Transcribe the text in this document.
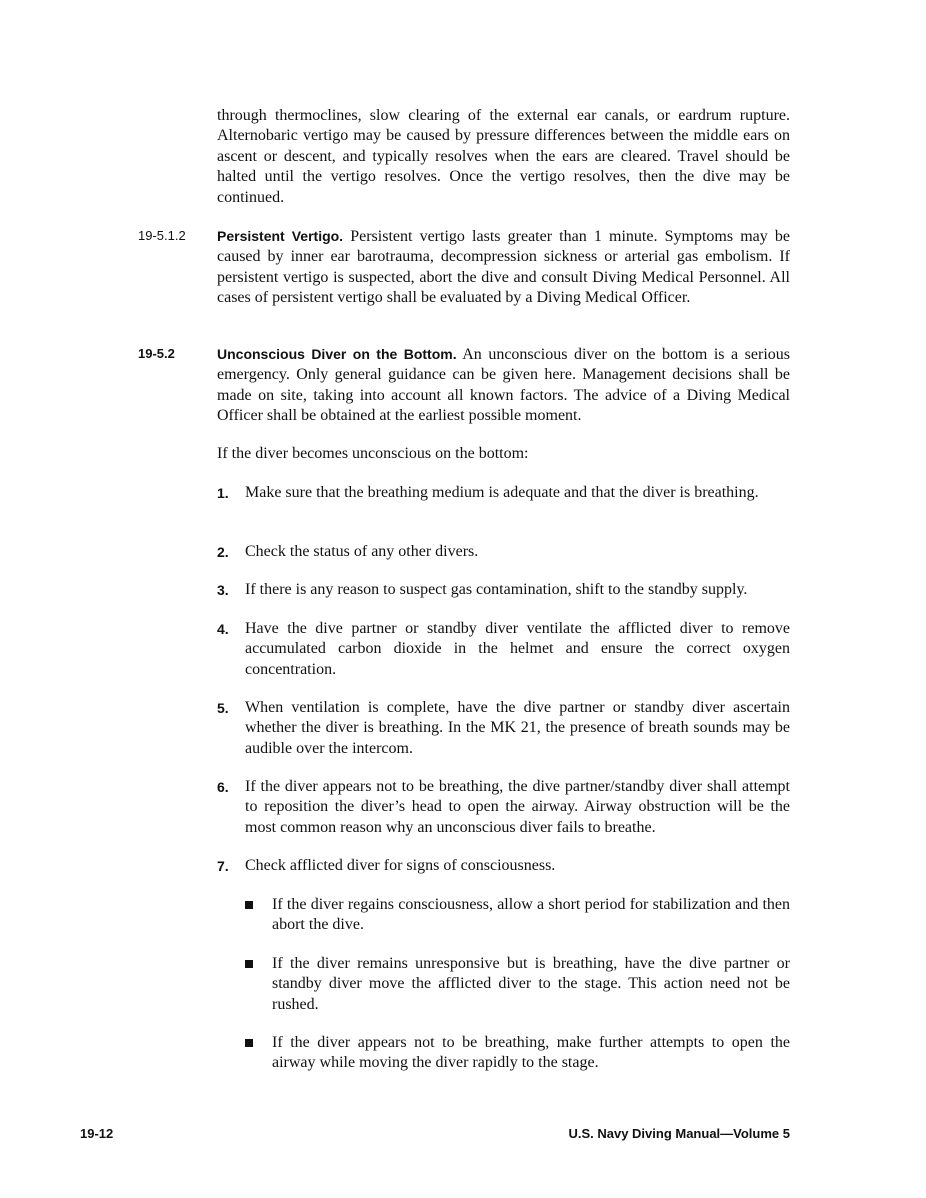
through thermoclines, slow clearing of the external ear canals, or eardrum rupture. Alternobaric vertigo may be caused by pressure differences between the middle ears on ascent or descent, and typically resolves when the ears are cleared. Travel should be halted until the vertigo resolves. Once the vertigo resolves, then the dive may be continued.
19-5.1.2 Persistent Vertigo. Persistent vertigo lasts greater than 1 minute. Symptoms may be caused by inner ear barotrauma, decompression sickness or arterial gas embolism. If persistent vertigo is suspected, abort the dive and consult Diving Medical Personnel. All cases of persistent vertigo shall be evaluated by a Diving Medical Officer.
19-5.2	Unconscious Diver on the Bottom. An unconscious diver on the bottom is a serious emergency. Only general guidance can be given here. Management decisions shall be made on site, taking into account all known factors. The advice of a Diving Medical Officer shall be obtained at the earliest possible moment.
If the diver becomes unconscious on the bottom:
1. Make sure that the breathing medium is adequate and that the diver is breathing.
2. Check the status of any other divers.
3. If there is any reason to suspect gas contamination, shift to the standby supply.
4. Have the dive partner or standby diver ventilate the afflicted diver to remove accumulated carbon dioxide in the helmet and ensure the correct oxygen concentration.
5. When ventilation is complete, have the dive partner or standby diver ascertain whether the diver is breathing. In the MK 21, the presence of breath sounds may be audible over the intercom.
6. If the diver appears not to be breathing, the dive partner/standby diver shall attempt to reposition the diver’s head to open the airway. Airway obstruction will be the most common reason why an unconscious diver fails to breathe.
7. Check afflicted diver for signs of consciousness.
If the diver regains consciousness, allow a short period for stabilization and then abort the dive.
If the diver remains unresponsive but is breathing, have the dive partner or standby diver move the afflicted diver to the stage. This action need not be rushed.
If the diver appears not to be breathing, make further attempts to open the airway while moving the diver rapidly to the stage.
19-12	U.S. Navy Diving Manual—Volume 5
